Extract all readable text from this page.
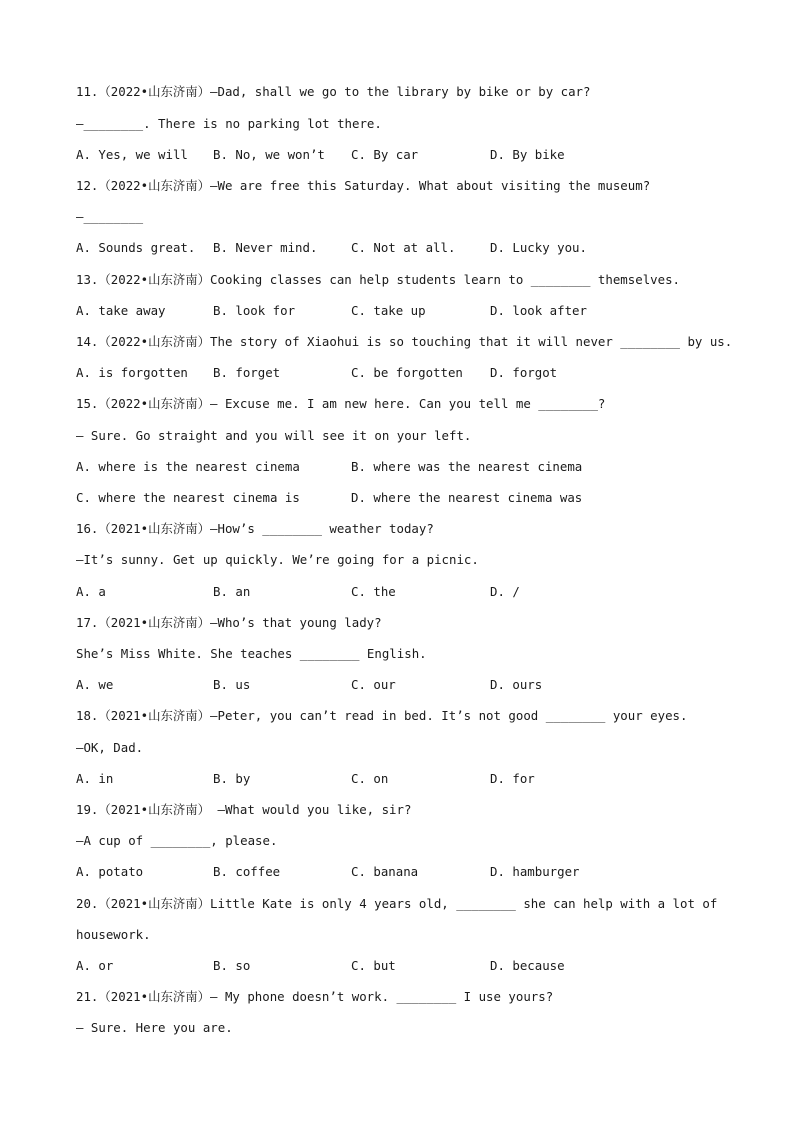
11.（2022•山东济南）—Dad, shall we go to the library by bike or by car?
—________. There is no parking lot there.

A. Yes, we will

B. No, we won’t

C. By car

	D. By bike

12.（2022•山东济南）—We are free this Saturday. What about visiting the museum?
—________

A. Sounds great.

B. Never mind.

	C. Not at all.

	D. Lucky you.

13.（2022•山东济南）Cooking classes can help students learn to ________ themselves.

A. take away

	B. look for

	C. take up

	D. look after

14.（2022•山东济南）The story of Xiaohui is so touching that it will never ________ by us.

A. is forgotten

B. forget

	C. be forgotten

D. forgot

15.（2022•山东济南）— Excuse me. I am new here. Can you tell me ________?
— Sure. Go straight and you will see it on your left.

A. where is the nearest cinema

	B. where was the nearest cinema

C. where the nearest cinema is

	D. where the nearest cinema was

16.（2021•山东济南）—How’s ________ weather today?
—It’s sunny. Get up quickly. We’re going for a picnic.

A. a

	B. an

	C. the

	D. /

17.（2021•山东济南）—Who’s that young lady?
She’s Miss White. She teaches ________ English.

A. we

	B. us

	C. our

	D. ours

18.（2021•山东济南）—Peter, you can’t read in bed. It’s not good ________ your eyes.
—OK, Dad.

A. in

	B. by

	C. on

	D. for

19.（2021•山东济南） —What would you like, sir?
—A cup of ________, please.

A. potato

	B. coffee

	C. banana

	D. hamburger

20.（2021•山东济南）Little Kate is only 4 years old, ________ she can help with a lot of
housework.

A. or

	B. so

	C. but

	D. because

21.（2021•山东济南）— My phone doesn’t work. ________ I use yours?
— Sure. Here you are.
